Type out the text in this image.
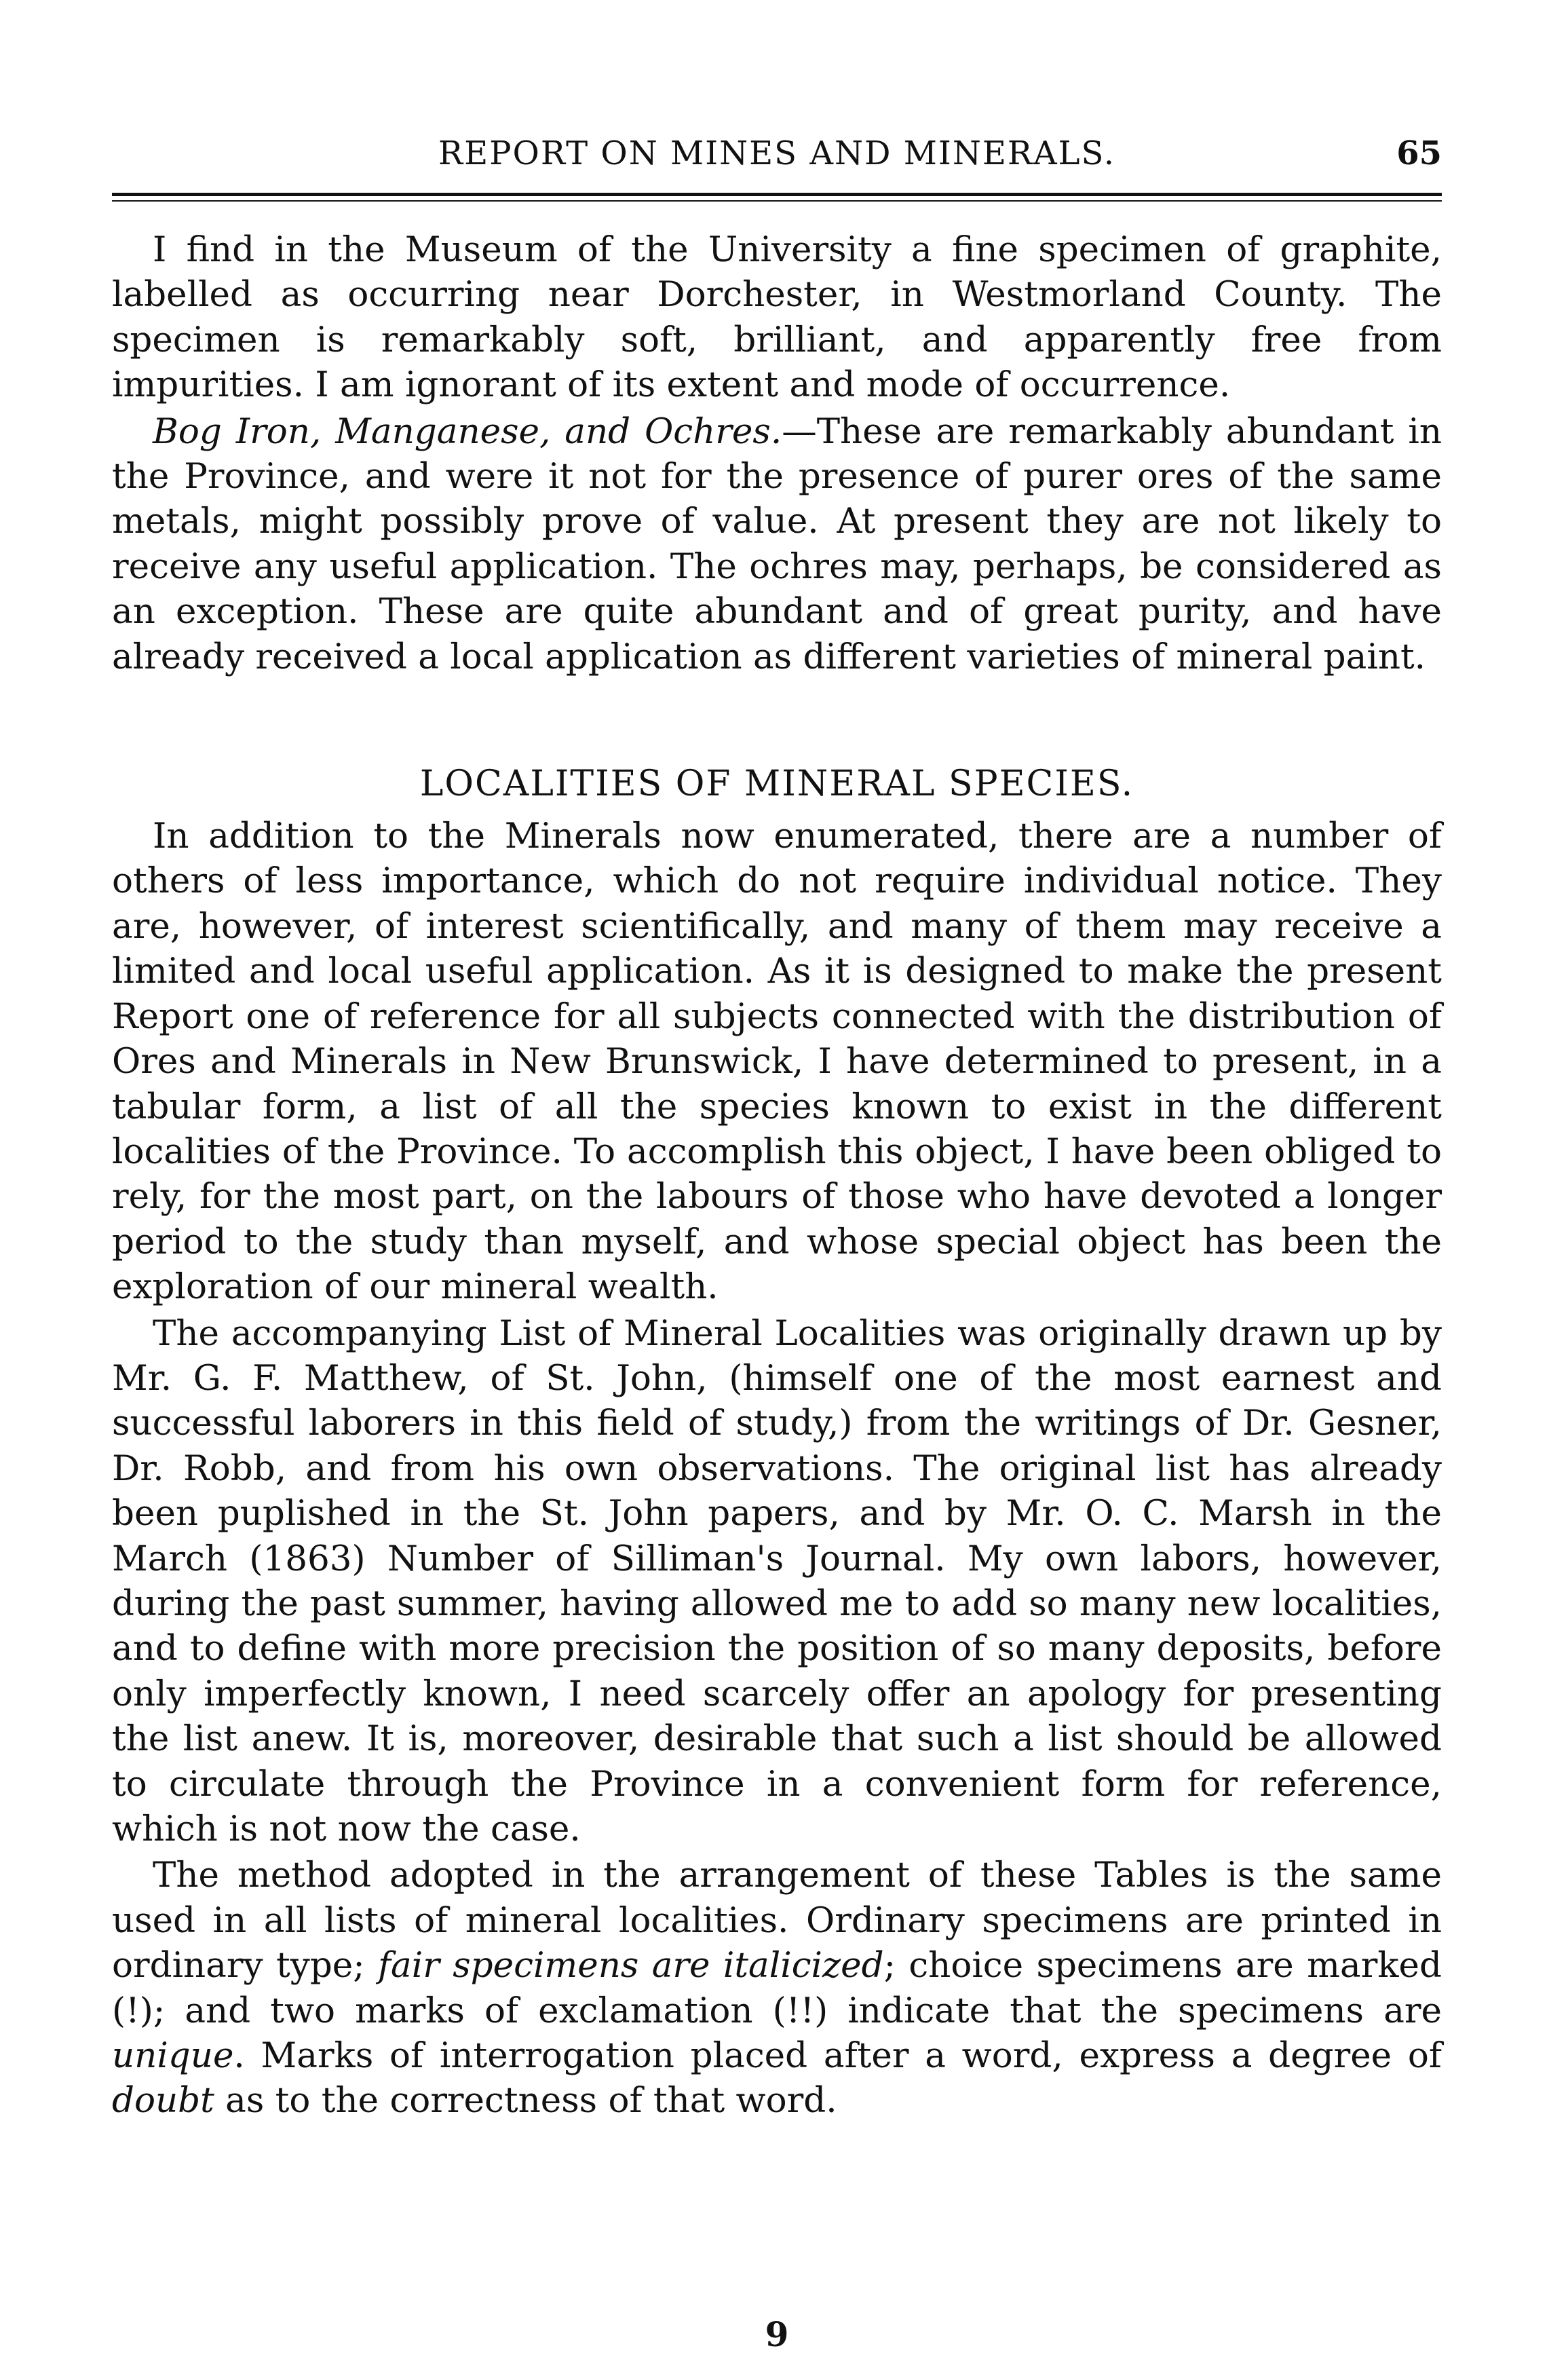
REPORT ON MINES AND MINERALS.	65

I find in the Museum of the University a fine specimen of graphite, labelled as occurring near Dorchester, in Westmorland County. The specimen is remarkably soft, brilliant, and apparently free from impurities. I am ignorant of its extent and mode of occurrence.

Bog Iron, Manganese, and Ochres.—These are remarkably abundant in the Province, and were it not for the presence of purer ores of the same metals, might possibly prove of value. At present they are not likely to receive any useful application. The ochres may, perhaps, be considered as an exception. These are quite abundant and of great purity, and have already received a local application as different varieties of mineral paint.

LOCALITIES OF MINERAL SPECIES.

In addition to the Minerals now enumerated, there are a number of others of less importance, which do not require individual notice. They are, however, of interest scientifically, and many of them may receive a limited and local useful application. As it is designed to make the present Report one of reference for all subjects connected with the distribution of Ores and Minerals in New Brunswick, I have determined to present, in a tabular form, a list of all the species known to exist in the different localities of the Province. To accomplish this object, I have been obliged to rely, for the most part, on the labours of those who have devoted a longer period to the study than myself, and whose special object has been the exploration of our mineral wealth.

The accompanying List of Mineral Localities was originally drawn up by Mr. G. F. Matthew, of St. John, (himself one of the most earnest and successful laborers in this field of study,) from the writings of Dr. Gesner, Dr. Robb, and from his own observations. The original list has already been puplished in the St. John papers, and by Mr. O. C. Marsh in the March (1863) Number of Silliman's Journal. My own labors, however, during the past summer, having allowed me to add so many new localities, and to define with more precision the position of so many deposits, before only imperfectly known, I need scarcely offer an apology for presenting the list anew. It is, moreover, desirable that such a list should be allowed to circulate through the Province in a convenient form for reference, which is not now the case.

The method adopted in the arrangement of these Tables is the same used in all lists of mineral localities. Ordinary specimens are printed in ordinary type; fair specimens are italicized; choice specimens are marked (!); and two marks of exclamation (!!) indicate that the specimens are unique. Marks of interrogation placed after a word, express a degree of doubt as to the correctness of that word.

9
